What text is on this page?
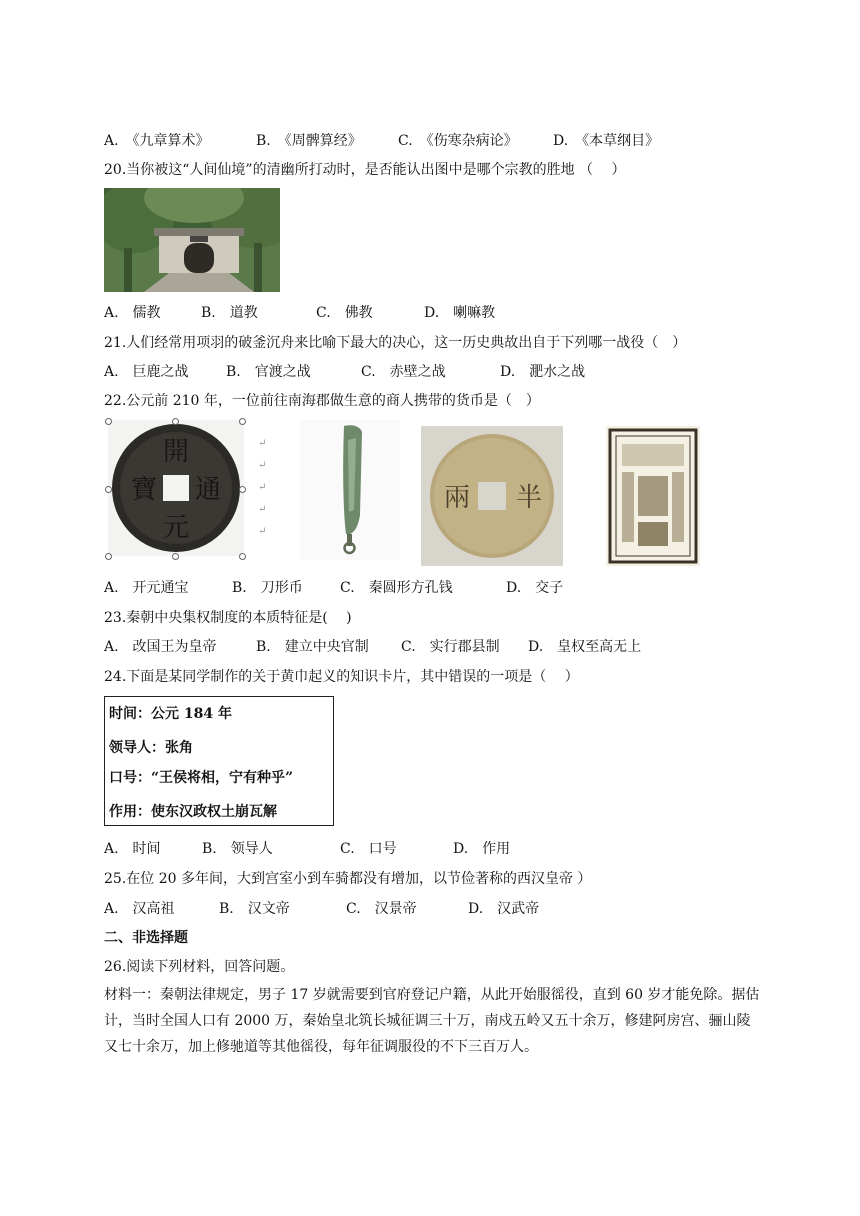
A.　《九章算术》	B.　《周髀算经》	C.　《伤寒杂病论》	D.　《本草纲目》
20.当你被这“人间仙境”的清幽所打动时，是否能认出图中是哪个宗教的胜地 （　 ）
A.　儒教	B.　道教	C.　佛教	D.　喇嘛教
21.人们经常用项羽的破釜沉舟来比喻下最大的决心，这一历史典故出自于下列哪一战役（　）
A.　巨鹿之战	B.　官渡之战	C.　赤壁之战	D.　淝水之战
22.公元前 210 年，一位前往南海郡做生意的商人携带的货币是（　）
開
通
元
寶
↵
↵
↵
↵
↵
半
兩
A.　开元通宝	B.　刀形币	C.　秦圆形方孔钱	D.　交子
23.秦朝中央集权制度的本质特征是(　 )
A.　改国王为皇帝	B.　建立中央官制 C.　实行郡县制 D.　皇权至高无上
24.下面是某同学制作的关于黄巾起义的知识卡片，其中错误的一项是（　 ）
时间：公元 184 年
领导人：张角
口号：“王侯将相，宁有种乎”
作用：使东汉政权土崩瓦解
A.　时间	B.　领导人	C.　口号	D.　作用
25.在位 20 多年间，大到宫室小到车骑都没有增加，以节俭著称的西汉皇帝 ）
A.　汉高祖	B.　汉文帝	C.　汉景帝	D.　汉武帝
二、非选择题
26.阅读下列材料，回答问题。
材料一：秦朝法律规定，男子 17 岁就需要到官府登记户籍，从此开始服徭役，直到 60 岁才能免除。据估计，当时全国人口有 2000 万，秦始皇北筑长城征调三十万，南戍五岭又五十余万，修建阿房宫、骊山陵又七十余万，加上修驰道等其他徭役，每年征调服役的不下三百万人。
